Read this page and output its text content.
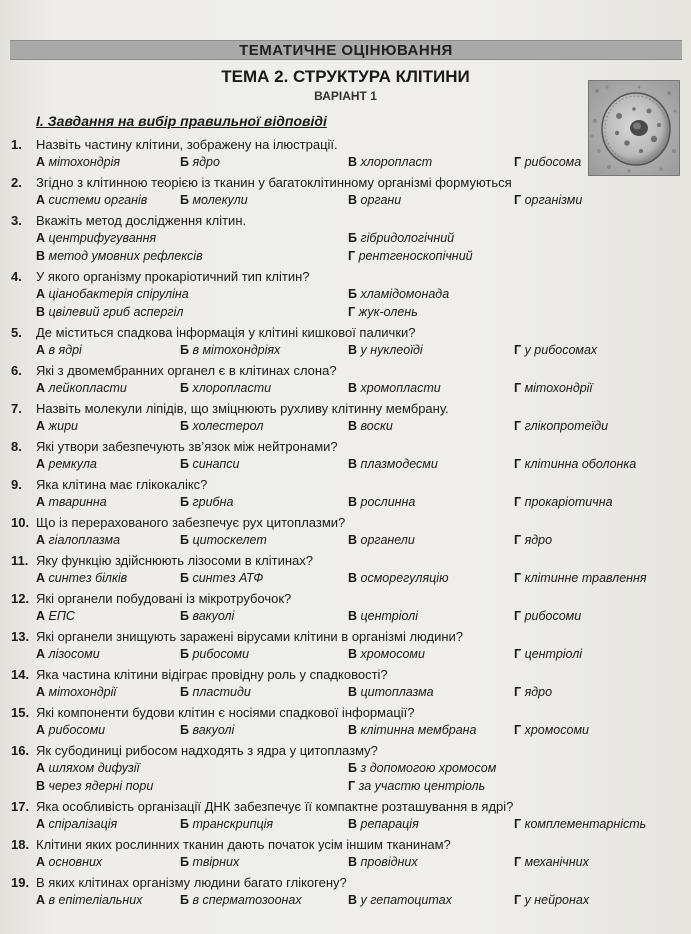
ТЕМАТИЧНЕ ОЦІНЮВАННЯ
ТЕМА 2. СТРУКТУРА КЛІТИНИ
ВАРІАНТ 1
І. Завдання на вибір правильної відповіді
1. Назвіть частину клітини, зображену на ілюстрації.
А мітохондрія	Б ядро	В хлоропласт	Г рибосома
2. Згідно з клітинною теорією із тканин у багатоклітинному організмі формуються
А системи органів	Б молекули	В органи	Г організми
3. Вкажіть метод дослідження клітин.
А центрифугування	Б гібридологічний
В метод умовних рефлексів	Г рентгеноскопічний
4. У якого організму прокаріотичний тип клітин?
А ціанобактерія спіруліна	Б хламідомонада
В цвілевий гриб аспергіл	Г жук-олень
5. Де міститься спадкова інформація у клітині кишкової палички?
А в ядрі	Б в мітохондріях	В у нуклеоїді	Г у рибосомах
6. Які з двомембранних органел є в клітинах слона?
А лейкопласти	Б хлоропласти	В хромопласти	Г мітохондрії
7. Назвіть молекули ліпідів, що зміцнюють рухливу клітинну мембрану.
А жири	Б холестерол	В воски	Г глікопротеїди
8. Які утвори забезпечують зв’язок між нейтронами?
А ремкула	Б синапси	В плазмодесми	Г клітинна оболонка
9. Яка клітина має глікокалікс?
А тваринна	Б грибна	В рослинна	Г прокаріотична
10. Що із перерахованого забезпечує рух цитоплазми?
А гіалоплазма	Б цитоскелет	В органели	Г ядро
11. Яку функцію здійснюють лізосоми в клітинах?
А синтез білків	Б синтез АТФ	В осморегуляцію	Г клітинне травлення
12. Які органели побудовані із мікротрубочок?
А ЕПС	Б вакуолі	В центріолі	Г рибосоми
13. Які органели знищують заражені вірусами клітини в організмі людини?
А лізосоми	Б рибосоми	В хромосоми	Г центріолі
14. Яка частина клітини відіграє провідну роль у спадковості?
А мітохондрії	Б пластиди	В цитоплазма	Г ядро
15. Які компоненти будови клітин є носіями спадкової інформації?
А рибосоми	Б вакуолі	В клітинна мембрана	Г хромосоми
16. Як субодиниці рибосом надходять з ядра у цитоплазму?
А шляхом дифузії	Б з допомогою хромосом
В через ядерні пори	Г за участю центріоль
17. Яка особливість організації ДНК забезпечує її компактне розташування в ядрі?
А спіралізація	Б транскрипція	В репарація	Г комплементарність
18. Клітини яких рослинних тканин дають початок усім іншим тканинам?
А основних	Б твірних	В провідних	Г механічних
19. В яких клітинах організму людини багато глікогену?
А в епітеліальних	Б в сперматозоонах	В у гепатоцитах	Г у нейронах
